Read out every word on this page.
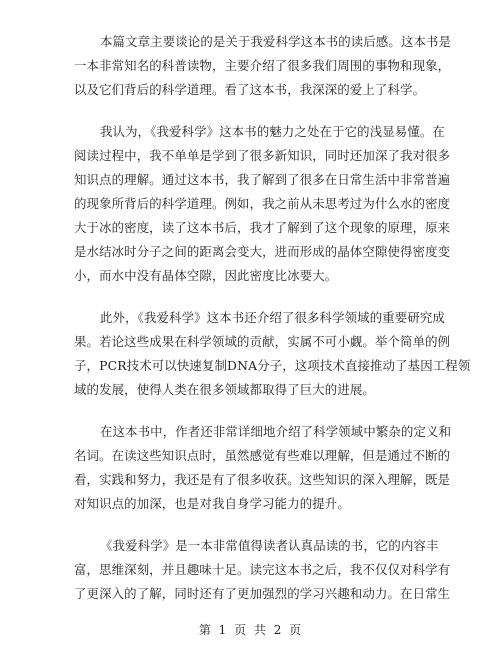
本篇文章主要谈论的是关于我爱科学这本书的读后感。这本书是
一本非常知名的科普读物，主要介绍了很多我们周围的事物和现象，
以及它们背后的科学道理。看了这本书，我深深的爱上了科学。

我认为，《我爱科学》这本书的魅力之处在于它的浅显易懂。在
阅读过程中，我不单单是学到了很多新知识，同时还加深了我对很多
知识点的理解。通过这本书，我了解到了很多在日常生活中非常普遍
的现象所背后的科学道理。例如，我之前从未思考过为什么水的密度
大于冰的密度，读了这本书后，我才了解到了这个现象的原理，原来
是水结冰时分子之间的距离会变大，进而形成的晶体空隙使得密度变
小，而水中没有晶体空隙，因此密度比冰要大。

此外，《我爱科学》这本书还介绍了很多科学领域的重要研究成
果。若论这些成果在科学领域的贡献，实属不可小觑。举个简单的例
子，PCR技术可以快速复制DNA分子，这项技术直接推动了基因工程领
域的发展，使得人类在很多领域都取得了巨大的进展。

在这本书中，作者还非常详细地介绍了科学领域中繁杂的定义和
名词。在读这些知识点时，虽然感觉有些难以理解，但是通过不断的
看，实践和努力，我还是有了很多收获。这些知识的深入理解，既是
对知识点的加深，也是对我自身学习能力的提升。

《我爱科学》是一本非常值得读者认真品读的书，它的内容丰
富，思维深刻，并且趣味十足。读完这本书之后，我不仅仅对科学有
了更深入的了解，同时还有了更加强烈的学习兴趣和动力。在日常生

第 1 页 共 2 页
